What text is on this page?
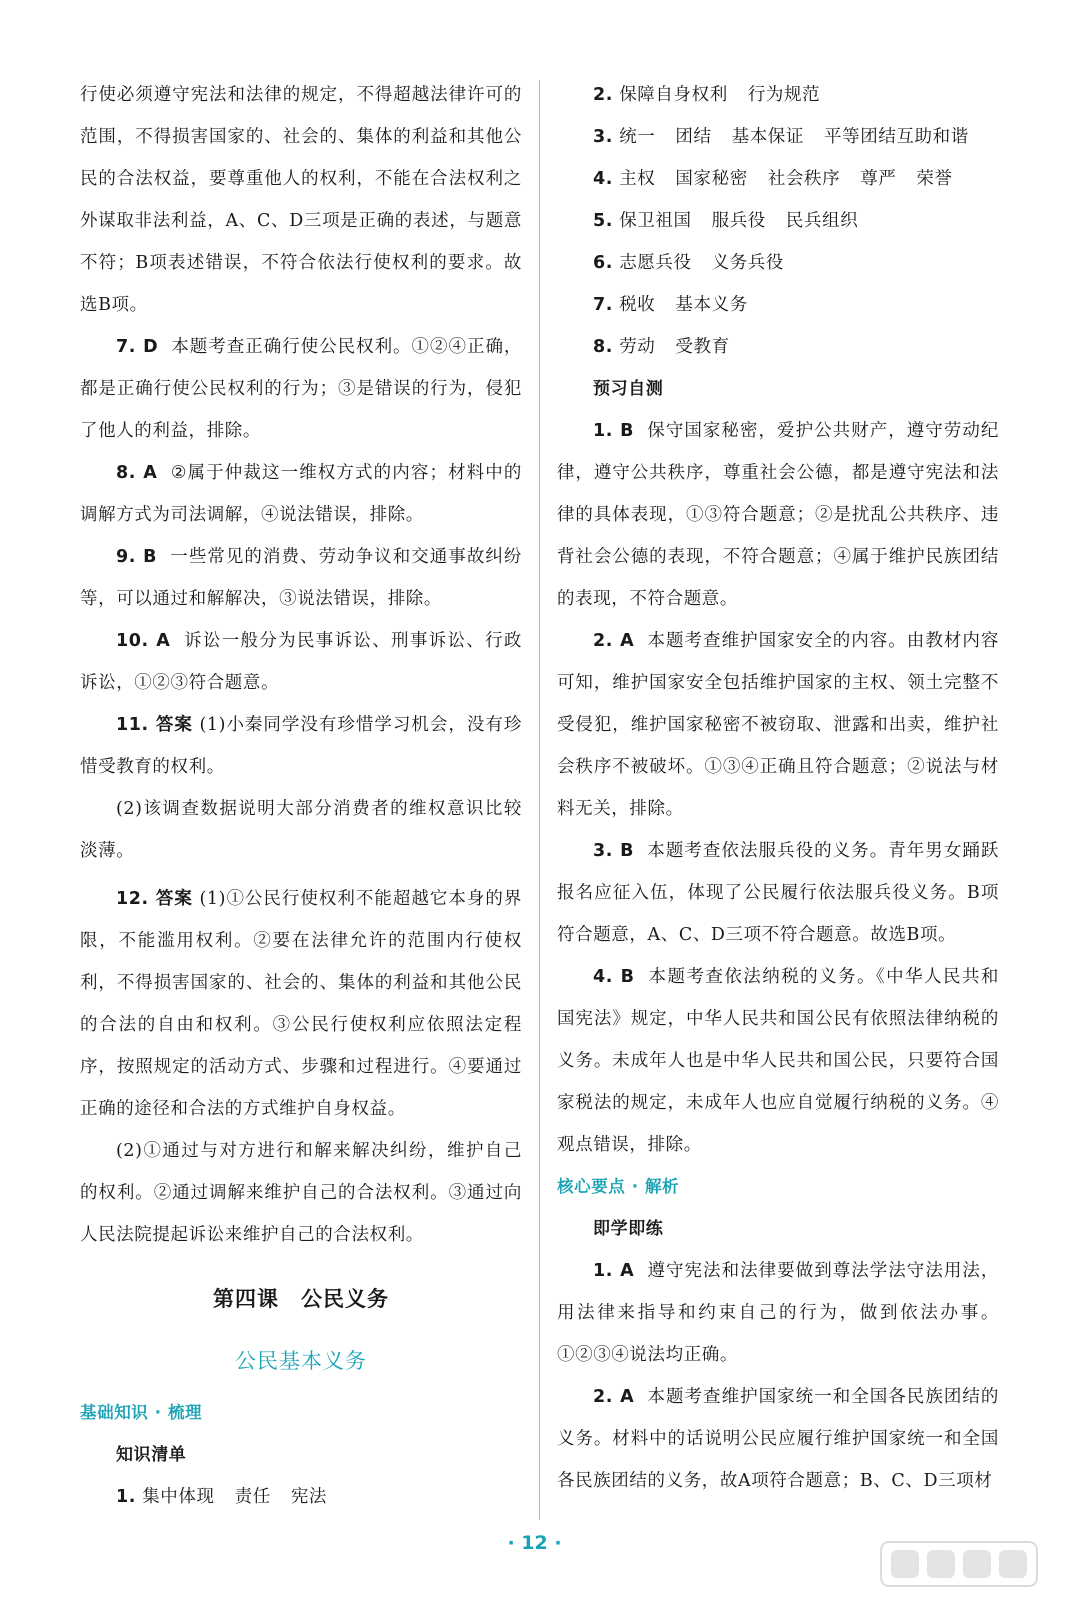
行使必须遵守宪法和法律的规定，不得超越法律许可的范围，不得损害国家的、社会的、集体的利益和其他公民的合法权益，要尊重他人的权利，不能在合法权利之外谋取非法利益，A、C、D三项是正确的表述，与题意不符；B项表述错误，不符合依法行使权利的要求。故选B项。

7. D 本题考查正确行使公民权利。①②④正确，都是正确行使公民权利的行为；③是错误的行为，侵犯了他人的利益，排除。

8. A ②属于仲裁这一维权方式的内容；材料中的调解方式为司法调解，④说法错误，排除。

9. B 一些常见的消费、劳动争议和交通事故纠纷等，可以通过和解解决，③说法错误，排除。

10. A 诉讼一般分为民事诉讼、刑事诉讼、行政诉讼，①②③符合题意。

11. 答案 (1)小秦同学没有珍惜学习机会，没有珍惜受教育的权利。

(2)该调查数据说明大部分消费者的维权意识比较淡薄。

12. 答案 (1)①公民行使权利不能超越它本身的界限，不能滥用权利。②要在法律允许的范围内行使权利，不得损害国家的、社会的、集体的利益和其他公民的合法的自由和权利。③公民行使权利应依照法定程序，按照规定的活动方式、步骤和过程进行。④要通过正确的途径和合法的方式维护自身权益。

(2)①通过与对方进行和解来解决纠纷，维护自己的权利。②通过调解来维护自己的合法权利。③通过向人民法院提起诉讼来维护自己的合法权利。

第四课 公民义务
公民基本义务
基础知识 · 梳理
知识清单
1. 集中体现 责任 宪法
2. 保障自身权利 行为规范
3. 统一 团结 基本保证 平等团结互助和谐
4. 主权 国家秘密 社会秩序 尊严 荣誉
5. 保卫祖国 服兵役 民兵组织
6. 志愿兵役 义务兵役
7. 税收 基本义务
8. 劳动 受教育
预习自测

1. B 保守国家秘密，爱护公共财产，遵守劳动纪律，遵守公共秩序，尊重社会公德，都是遵守宪法和法律的具体表现，①③符合题意；②是扰乱公共秩序、违背社会公德的表现，不符合题意；④属于维护民族团结的表现，不符合题意。

2. A 本题考查维护国家安全的内容。由教材内容可知，维护国家安全包括维护国家的主权、领土完整不受侵犯，维护国家秘密不被窃取、泄露和出卖，维护社会秩序不被破坏。①③④正确且符合题意；②说法与材料无关，排除。

3. B 本题考查依法服兵役的义务。青年男女踊跃报名应征入伍，体现了公民履行依法服兵役义务。B项符合题意，A、C、D三项不符合题意。故选B项。

4. B 本题考查依法纳税的义务。《中华人民共和国宪法》规定，中华人民共和国公民有依照法律纳税的义务。未成年人也是中华人民共和国公民，只要符合国家税法的规定，未成年人也应自觉履行纳税的义务。④观点错误，排除。

核心要点 · 解析
即学即练

1. A 遵守宪法和法律要做到尊法学法守法用法，用法律来指导和约束自己的行为，做到依法办事。①②③④说法均正确。

2. A 本题考查维护国家统一和全国各民族团结的义务。材料中的话说明公民应履行维护国家统一和全国各民族团结的义务，故A项符合题意；B、C、D三项材

· 12 ·
